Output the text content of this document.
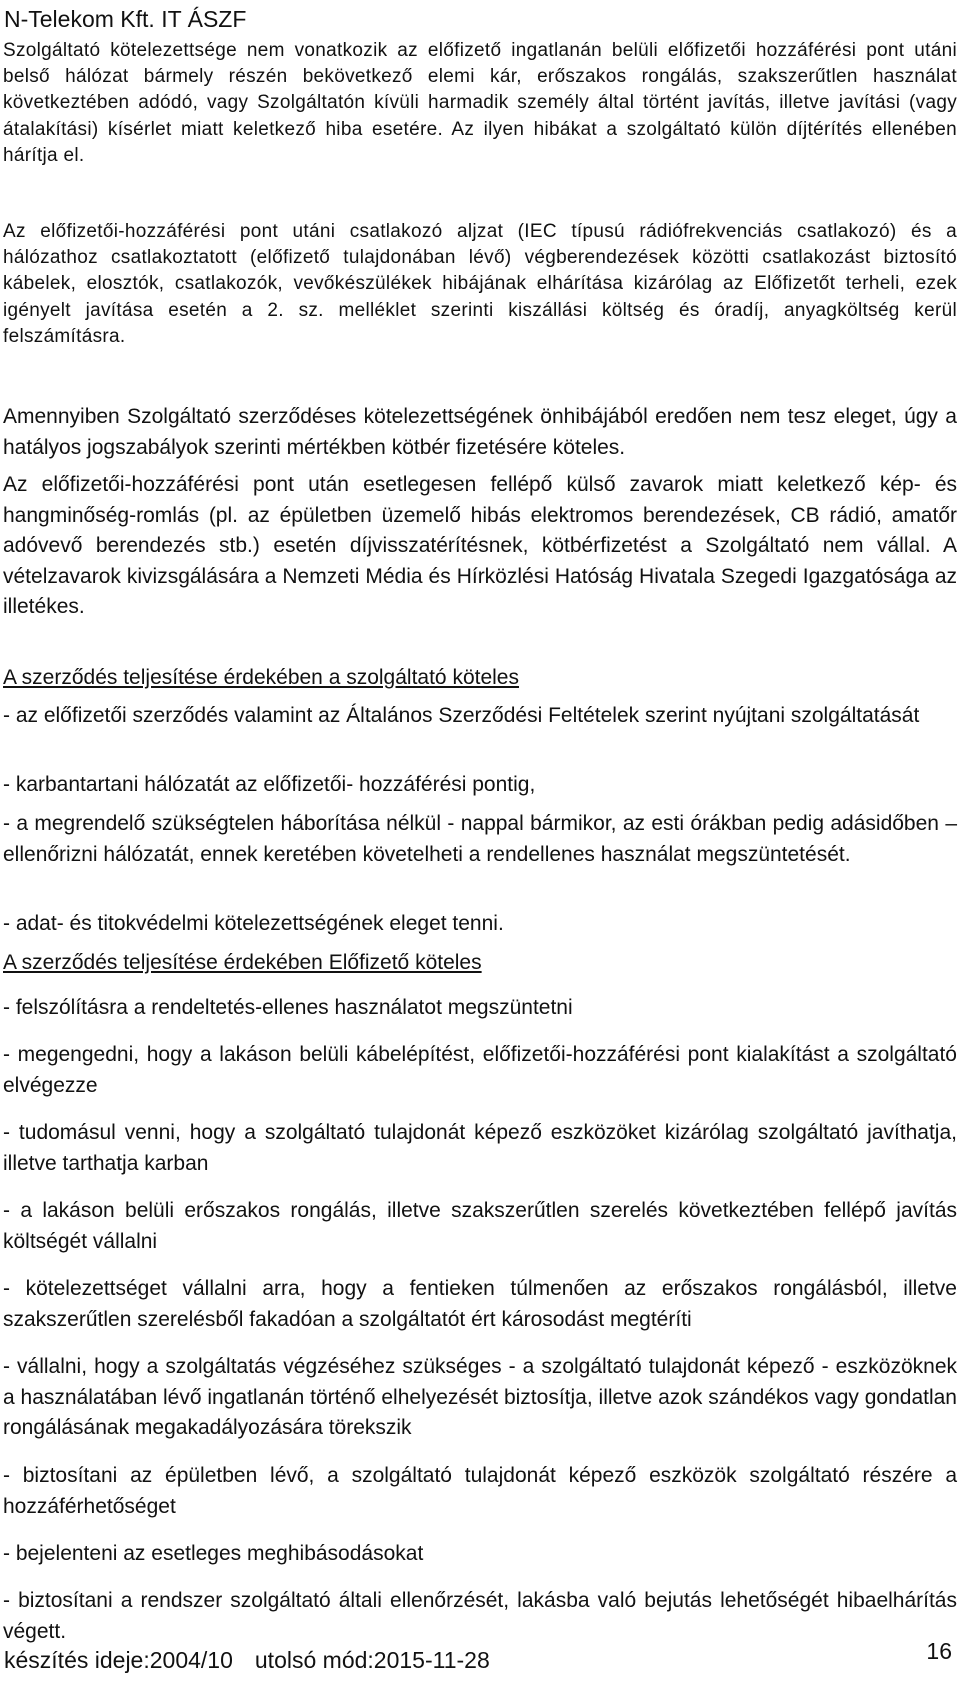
N-Telekom Kft. IT ÁSZF

Szolgáltató kötelezettsége nem vonatkozik az előfizető ingatlanán belüli előfizetői hozzáférési pont utáni belső hálózat bármely részén bekövetkező elemi kár, erőszakos rongálás, szakszerűtlen használat következtében adódó, vagy Szolgáltatón kívüli harmadik személy által történt javítás, illetve javítási (vagy átalakítási) kísérlet miatt keletkező hiba esetére. Az ilyen hibákat a szolgáltató külön díjtérítés ellenében hárítja el.

Az előfizetői-hozzáférési pont utáni csatlakozó aljzat (IEC típusú rádiófrekvenciás csatlakozó) és a hálózathoz csatlakoztatott (előfizető tulajdonában lévő) végberendezések közötti csatlakozást biztosító kábelek, elosztók, csatlakozók, vevőkészülékek hibájának elhárítása kizárólag az Előfizetőt terheli, ezek igényelt javítása esetén a 2. sz. melléklet szerinti kiszállási költség és óradíj, anyagköltség kerül felszámításra.

Amennyiben Szolgáltató szerződéses kötelezettségének önhibájából eredően nem tesz eleget, úgy a hatályos jogszabályok szerinti mértékben kötbér fizetésére köteles.

Az előfizetői-hozzáférési pont után esetlegesen fellépő külső zavarok miatt keletkező kép- és hangminőség-romlás (pl. az épületben üzemelő hibás elektromos berendezések, CB rádió, amatőr adóvevő berendezés stb.) esetén díjvisszatérítésnek, kötbérfizetést a Szolgáltató nem vállal. A vételzavarok kivizsgálására a Nemzeti Média és Hírközlési Hatóság Hivatala Szegedi Igazgatósága az illetékes.

A szerződés teljesítése érdekében a szolgáltató köteles

- az előfizetői szerződés valamint az Általános Szerződési Feltételek szerint nyújtani szolgáltatását

- karbantartani hálózatát az előfizetői- hozzáférési pontig,

- a megrendelő szükségtelen háborítása nélkül - nappal bármikor, az esti órákban pedig adásidőben – ellenőrizni hálózatát, ennek keretében követelheti a rendellenes használat megszüntetését.

- adat- és titokvédelmi kötelezettségének eleget tenni.

A szerződés teljesítése érdekében Előfizető köteles

- felszólításra a rendeltetés-ellenes használatot megszüntetni

- megengedni, hogy a lakáson belüli kábelépítést, előfizetői-hozzáférési pont kialakítást a szolgáltató elvégezze

- tudomásul venni, hogy a szolgáltató tulajdonát képező eszközöket kizárólag szolgáltató javíthatja, illetve tarthatja karban

- a lakáson belüli erőszakos rongálás, illetve szakszerűtlen szerelés következtében fellépő javítás költségét vállalni

- kötelezettséget vállalni arra, hogy a fentieken túlmenően az erőszakos rongálásból, illetve szakszerűtlen szerelésből fakadóan a szolgáltatót ért károsodást megtéríti

- vállalni, hogy a szolgáltatás végzéséhez szükséges - a szolgáltató tulajdonát képező - eszközöknek a használatában lévő ingatlanán történő elhelyezését biztosítja, illetve azok szándékos vagy gondatlan rongálásának megakadályozására törekszik

- biztosítani az épületben lévő, a szolgáltató tulajdonát képező eszközök szolgáltató részére a hozzáférhetőséget

- bejelenteni az esetleges meghibásodásokat

- biztosítani a rendszer szolgáltató általi ellenőrzését, lakásba való bejutás lehetőségét hibaelhárítás végett.

készítés ideje:2004/10 utolsó mód:2015-11-28	16
